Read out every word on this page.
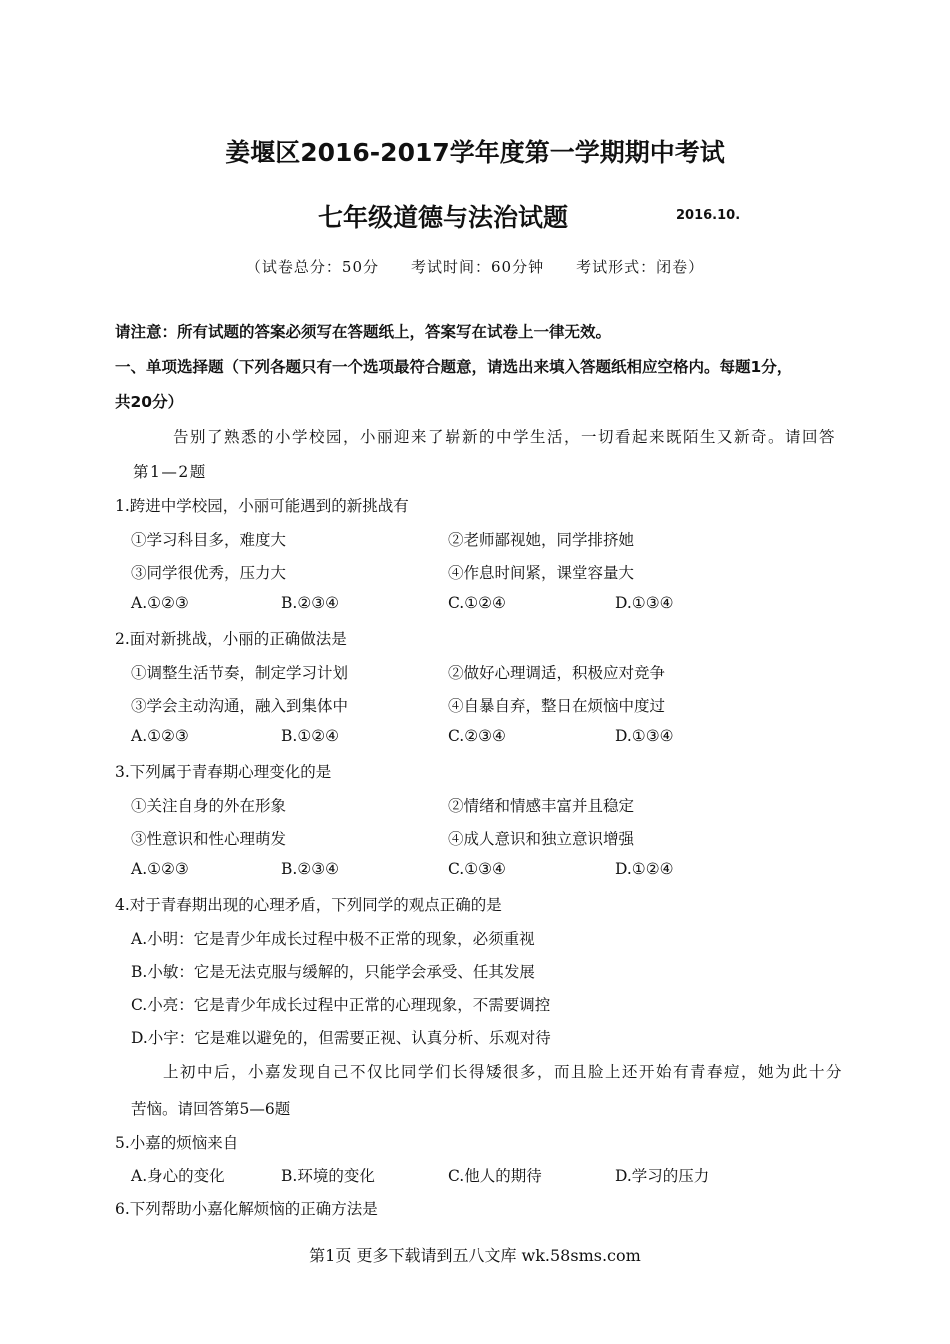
姜堰区2016-2017学年度第一学期期中考试
七年级道德与法治试题	2016.10.
（试卷总分：50分　　考试时间：60分钟　　考试形式：闭卷）
请注意：所有试题的答案必须写在答题纸上，答案写在试卷上一律无效。
一、单项选择题（下列各题只有一个选项最符合题意，请选出来填入答题纸相应空格内。每题1分，
共20分）
告别了熟悉的小学校园，小丽迎来了崭新的中学生活，一切看起来既陌生又新奇。请回答
第1—2题
1.跨进中学校园，小丽可能遇到的新挑战有
①学习科目多，难度大	②老师鄙视她，同学排挤她
③同学很优秀，压力大	④作息时间紧，课堂容量大
A.①②③	B.②③④	C.①②④	D.①③④
2.面对新挑战，小丽的正确做法是
①调整生活节奏，制定学习计划	②做好心理调适，积极应对竞争
③学会主动沟通，融入到集体中	④自暴自弃，整日在烦恼中度过
A.①②③	B.①②④	C.②③④	D.①③④
3.下列属于青春期心理变化的是
①关注自身的外在形象	②情绪和情感丰富并且稳定
③性意识和性心理萌发	④成人意识和独立意识增强
A.①②③	B.②③④	C.①③④	D.①②④
4.对于青春期出现的心理矛盾，下列同学的观点正确的是
A.小明：它是青少年成长过程中极不正常的现象，必须重视
B.小敏：它是无法克服与缓解的，只能学会承受、任其发展
C.小亮：它是青少年成长过程中正常的心理现象，不需要调控
D.小宇：它是难以避免的，但需要正视、认真分析、乐观对待
上初中后，小嘉发现自己不仅比同学们长得矮很多，而且脸上还开始有青春痘，她为此十分
苦恼。请回答第5—6题
5.小嘉的烦恼来自
A.身心的变化	B.环境的变化	C.他人的期待	D.学习的压力
6.下列帮助小嘉化解烦恼的正确方法是
第1页 更多下载请到五八文库 wk.58sms.com
